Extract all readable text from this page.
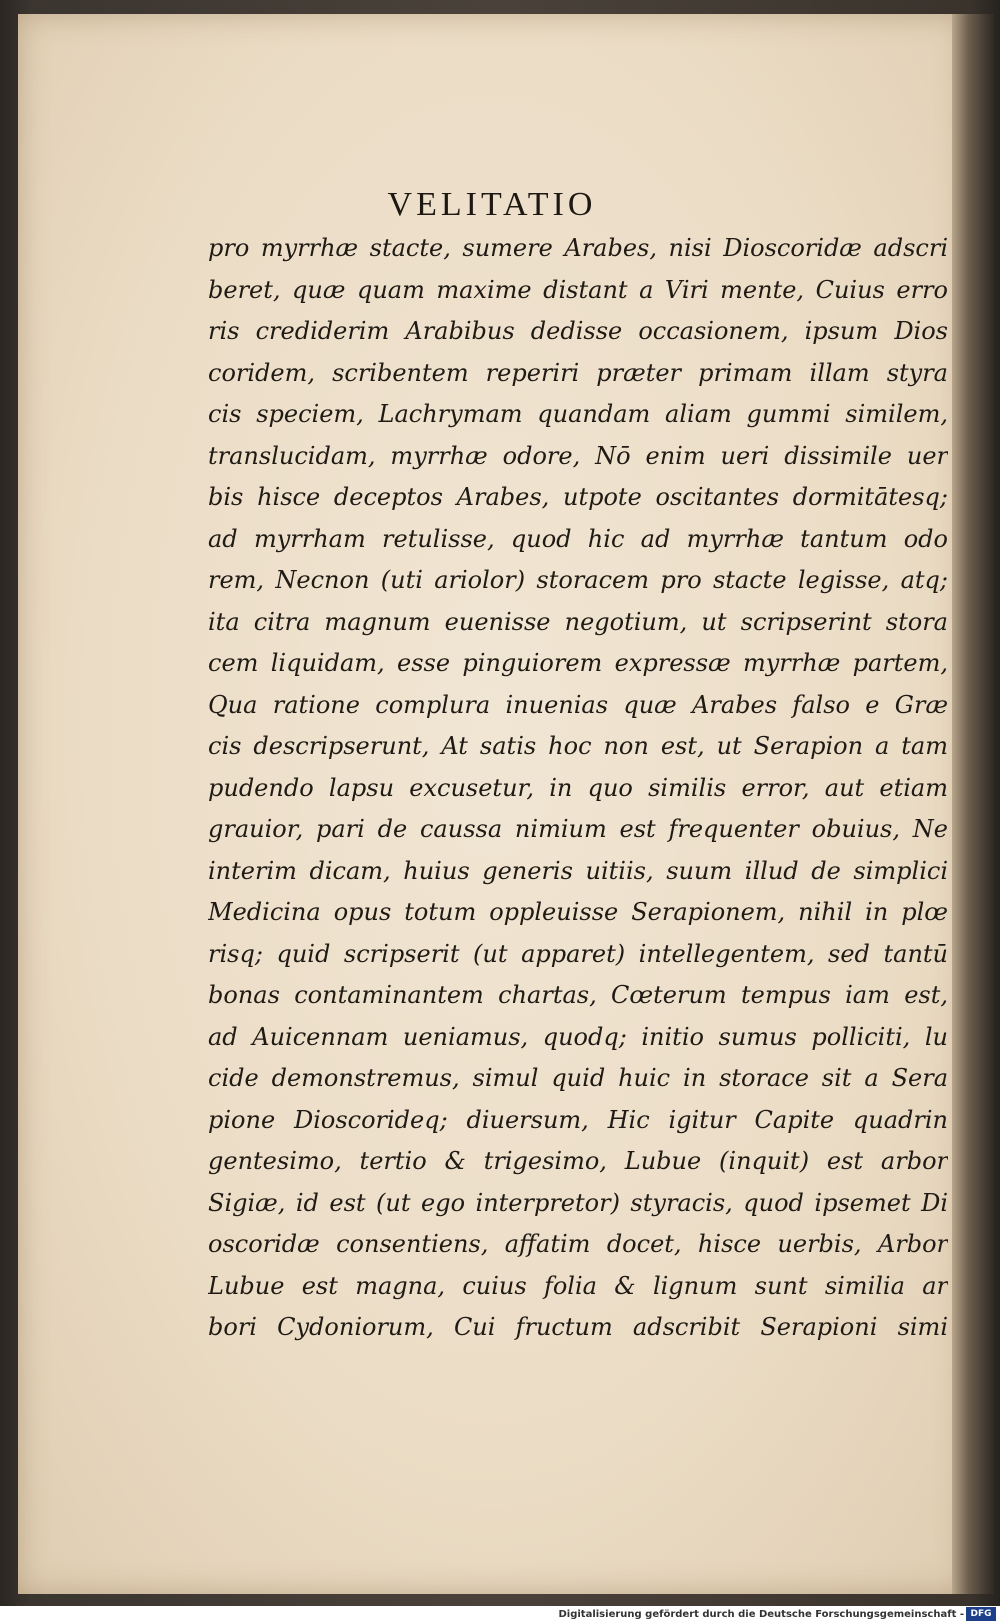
VELITATIO
pro myrrhæ stacte, sumere Arabes, nisi Dioscoridæ adscri
beret, quæ quam maxime distant a Viri mente, Cuius erro
ris crediderim Arabibus dedisse occasionem, ipsum Dios
coridem, scribentem reperiri præter primam illam styra
cis speciem, Lachrymam quandam aliam gummi similem,
translucidam, myrrhæ odore, Nō enim ueri dissimile uer
bis hisce deceptos Arabes, utpote oscitantes dormitātesq;
ad myrrham retulisse, quod hic ad myrrhæ tantum odo
rem, Necnon (uti ariolor) storacem pro stacte legisse, atq;
ita citra magnum euenisse negotium, ut scripserint stora
cem liquidam, esse pinguiorem expressæ myrrhæ partem,
Qua ratione complura inuenias quæ Arabes falso e Græ
cis descripserunt, At satis hoc non est, ut Serapion a tam
pudendo lapsu excusetur, in quo similis error, aut etiam
grauior, pari de caussa nimium est frequenter obuius, Ne
interim dicam, huius generis uitiis, suum illud de simplici
Medicina opus totum oppleuisse Serapionem, nihil in plœ
risq; quid scripserit (ut apparet) intellegentem, sed tantū
bonas contaminantem chartas, Cœterum tempus iam est,
ad Auicennam ueniamus, quodq; initio sumus polliciti, lu
cide demonstremus, simul quid huic in storace sit a Sera
pione Dioscorideq; diuersum, Hic igitur Capite quadrin
gentesimo, tertio & trigesimo, Lubue (inquit) est arbor
Sigiæ, id est (ut ego interpretor) styracis, quod ipsemet Di
oscoridæ consentiens, affatim docet, hisce uerbis, Arbor
Lubue est magna, cuius folia & lignum sunt similia ar
bori Cydoniorum, Cui fructum adscribit Serapioni simi
Digitalisierung gefördert durch die Deutsche Forschungsgemeinschaft - DFG
